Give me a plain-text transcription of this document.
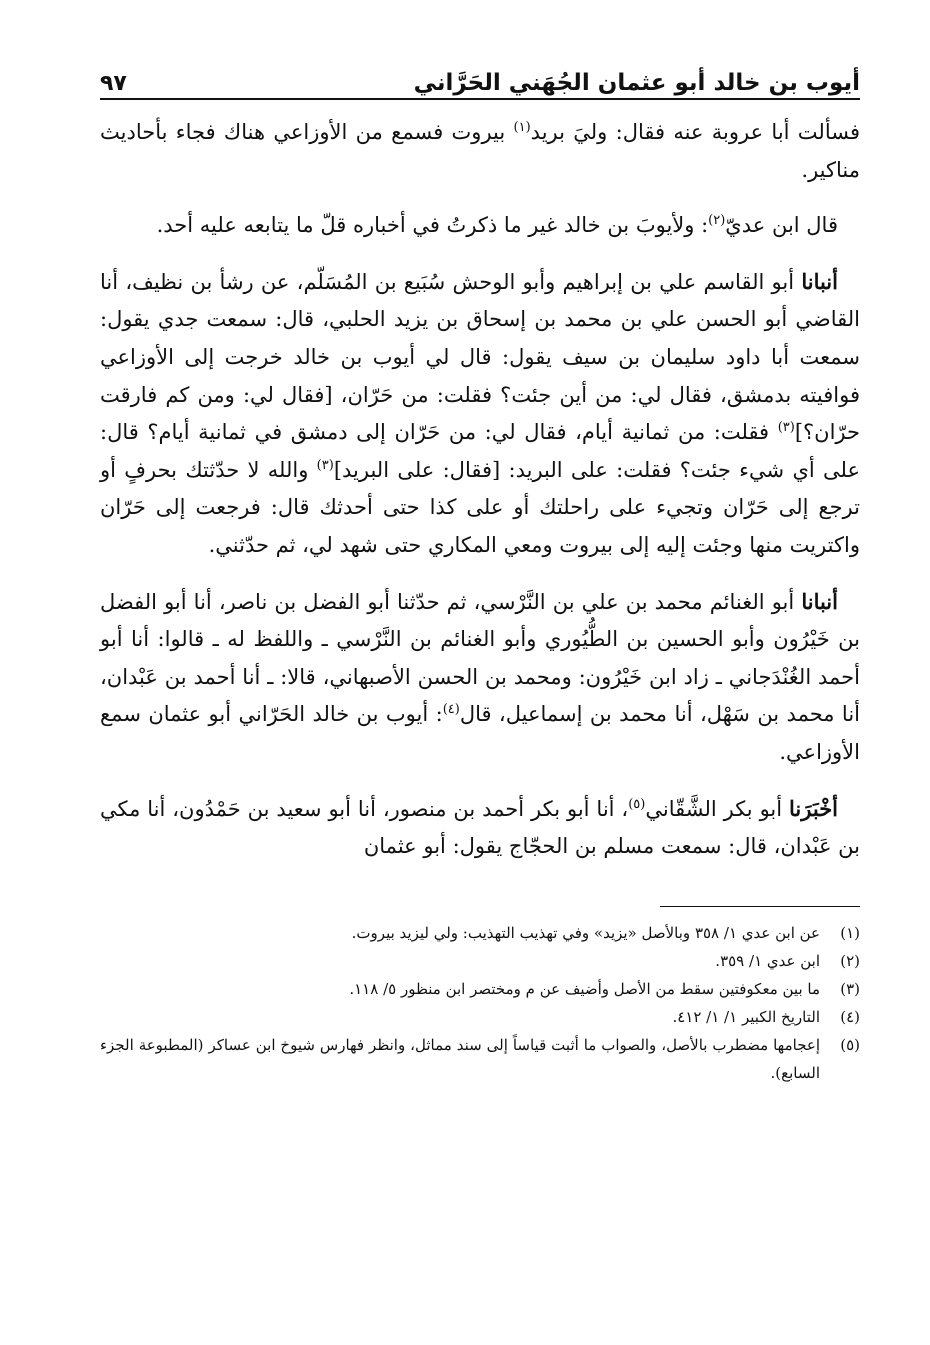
أيوب بن خالد أبو عثمان الجُهَني الحَرَّاني
٩٧

فسألت أبا عروبة عنه فقال: وليَ بريد$^{(١)}$ بيروت فسمع من الأوزاعي هناك فجاء بأحاديث مناكير.

قال ابن عديّ$^{(٢)}$: ولأيوبَ بن خالد غير ما ذكرتُ في أخباره قلّ ما يتابعه عليه أحد.

أنبانا أبو القاسم علي بن إبراهيم وأبو الوحش سُبَيع بن المُسَلّم، عن رشأ بن نظيف، أنا القاضي أبو الحسن علي بن محمد بن إسحاق بن يزيد الحلبي، قال: سمعت جدي يقول: سمعت أبا داود سليمان بن سيف يقول: قال لي أيوب بن خالد خرجت إلى الأوزاعي فوافيته بدمشق، فقال لي: من أين جئت؟ فقلت: من حَرّان، [فقال لي: ومن كم فارقت حرّان؟]$^{(٣)}$ فقلت: من ثمانية أيام، فقال لي: من حَرّان إلى دمشق في ثمانية أيام؟ قال: على أي شيء جئت؟ فقلت: على البريد: [فقال: على البريد]$^{(٣)}$ والله لا حدّثتك بحرفٍ أو ترجع إلى حَرّان وتجيء على راحلتك أو على كذا حتى أحدثك قال: فرجعت إلى حَرّان واكتريت منها وجئت إليه إلى بيروت ومعي المكاري حتى شهد لي، ثم حدّثني.

أنبانا أبو الغنائم محمد بن علي بن النَّرْسي، ثم حدّثنا أبو الفضل بن ناصر، أنا أبو الفضل بن خَيْرُون وأبو الحسين بن الطُّيُوري وأبو الغنائم بن النَّرْسي ـ واللفظ له ـ قالوا: أنا أبو أحمد الغُنْدَجاني ـ زاد ابن خَيْرُون: ومحمد بن الحسن الأصبهاني، قالا: ـ أنا أحمد بن عَبْدان، أنا محمد بن سَهْل، أنا محمد بن إسماعيل، قال$^{(٤)}$: أيوب بن خالد الحَرّاني أبو عثمان سمع الأوزاعي.

أخْبَرَنا أبو بكر الشَّقّاني$^{(٥)}$، أنا أبو بكر أحمد بن منصور، أنا أبو سعيد بن حَمْدُون، أنا مكي بن عَبْدان، قال: سمعت مسلم بن الحجّاج يقول: أبو عثمان

(١)
عن ابن عدي ١/ ٣٥٨ وبالأصل «يزيد» وفي تهذيب التهذيب: ولي ليزيد بيروت.
(٢)
ابن عدي ١/ ٣٥٩.
(٣)
ما بين معكوفتين سقط من الأصل وأضيف عن م ومختصر ابن منظور ٥/ ١١٨.
(٤)
التاريخ الكبير ١/ ١/ ٤١٢.
(٥)
إعجامها مضطرب بالأصل، والصواب ما أثبت قياساً إلى سند مماثل، وانظر فهارس شيوخ ابن عساكر (المطبوعة الجزء السابع).
